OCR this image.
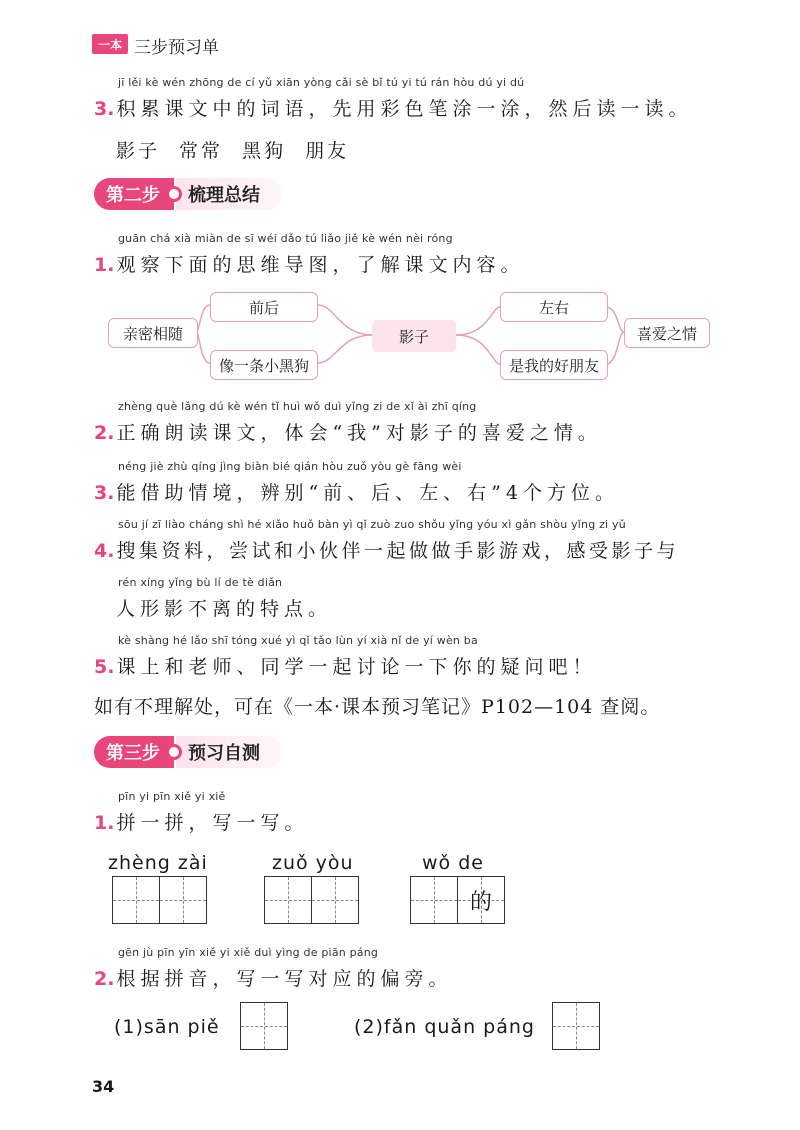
一本 三步预习单
jī lěi kè wén zhōng de cí yǔ xiān yòng cǎi sè bǐ tú yi tú rán hòu dú yi dú
3. 积累课文中的词语，先用彩色笔涂一涂，然后读一读。
影子 常常 黑狗 朋友
第二步	梳理总结
guān chá xià miàn de sī wéi dǎo tú liǎo jiě kè wén nèi róng
1. 观察下面的思维导图，了解课文内容。
前后
像一条小黑狗
亲密相随	影子
左右
是我的好朋友
喜爱之情
zhèng què lǎng dú kè wén tǐ huì wǒ duì yǐng zi de xǐ ài zhī qíng
2. 正确朗读课文，体会“我”对影子的喜爱之情。
néng jiè zhù qíng jìng biàn bié qián hòu zuǒ yòu gè fāng wèi
3. 能借助情境，辨别“前、后、左、右”4个方位。
sōu jí zī liào cháng shì hé xiǎo huǒ bàn yì qǐ zuò zuo shǒu yǐng yóu xì gǎn shòu yǐng zi yǔ
4. 搜集资料，尝试和小伙伴一起做做手影游戏，感受影子与
rén xíng yǐng bù lí de tè diǎn
人形影不离的特点。
kè shàng hé lǎo shī tóng xué yì qǐ tǎo lùn yí xià nǐ de yí wèn ba
5. 课上和老师、同学一起讨论一下你的疑问吧！
如有不理解处，可在《一本·课本预习笔记》P102—104 查阅。
第三步	预习自测
pīn yi pīn xiě yi xiě
1. 拼一拼，写一写。
zhèng zài	zuǒ yòu	wǒ de
的
gēn jù pīn yīn xiě yi xiě duì yìng de piān páng
2. 根据拼音，写一写对应的偏旁。
(1)sān piě	(2)fǎn quǎn páng
34
